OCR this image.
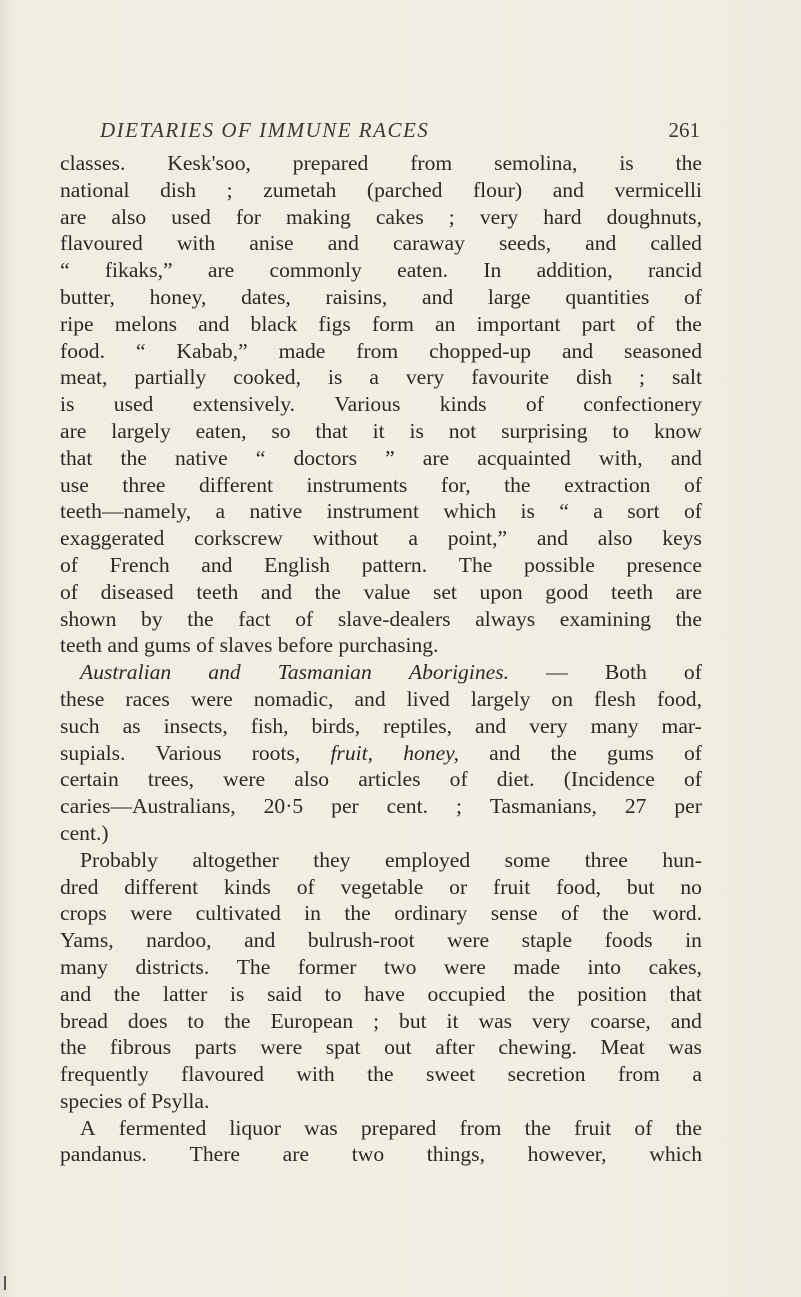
DIETARIES OF IMMUNE RACES	261
classes. Kesk'soo, prepared from semolina, is the
national dish ; zumetah (parched flour) and vermicelli
are also used for making cakes ; very hard doughnuts,
flavoured with anise and caraway seeds, and called
“ fikaks,” are commonly eaten. In addition, rancid
butter, honey, dates, raisins, and large quantities of
ripe melons and black figs form an important part of the
food. “ Kabab,” made from chopped-up and seasoned
meat, partially cooked, is a very favourite dish ; salt
is used extensively. Various kinds of confectionery
are largely eaten, so that it is not surprising to know
that the native “ doctors ” are acquainted with, and
use three different instruments for, the extraction of
teeth—namely, a native instrument which is “ a sort of
exaggerated corkscrew without a point,” and also keys
of French and English pattern. The possible presence
of diseased teeth and the value set upon good teeth are
shown by the fact of slave-dealers always examining the
teeth
and
gums
of
slaves
before
purchasing.

Australian and Tasmanian Aborigines. — Both of
these races were nomadic, and lived largely on flesh food,
such as insects, fish, birds, reptiles, and very many mar-
supials. Various roots, fruit, honey, and the gums of
certain trees, were also articles of diet. (Incidence of
caries—Australians, 20·5 per cent. ; Tasmanians, 27 per
cent.)

Probably altogether they employed some three hun-
dred different kinds of vegetable or fruit food, but no
crops were cultivated in the ordinary sense of the word.
Yams, nardoo, and bulrush-root were staple foods in
many districts. The former two were made into cakes,
and the latter is said to have occupied the position that
bread does to the European ; but it was very coarse, and
the fibrous parts were spat out after chewing. Meat was
frequently flavoured with the sweet secretion from a
species
of
Psylla.

A fermented liquor was prepared from the fruit of the
pandanus. There are two things, however, which
